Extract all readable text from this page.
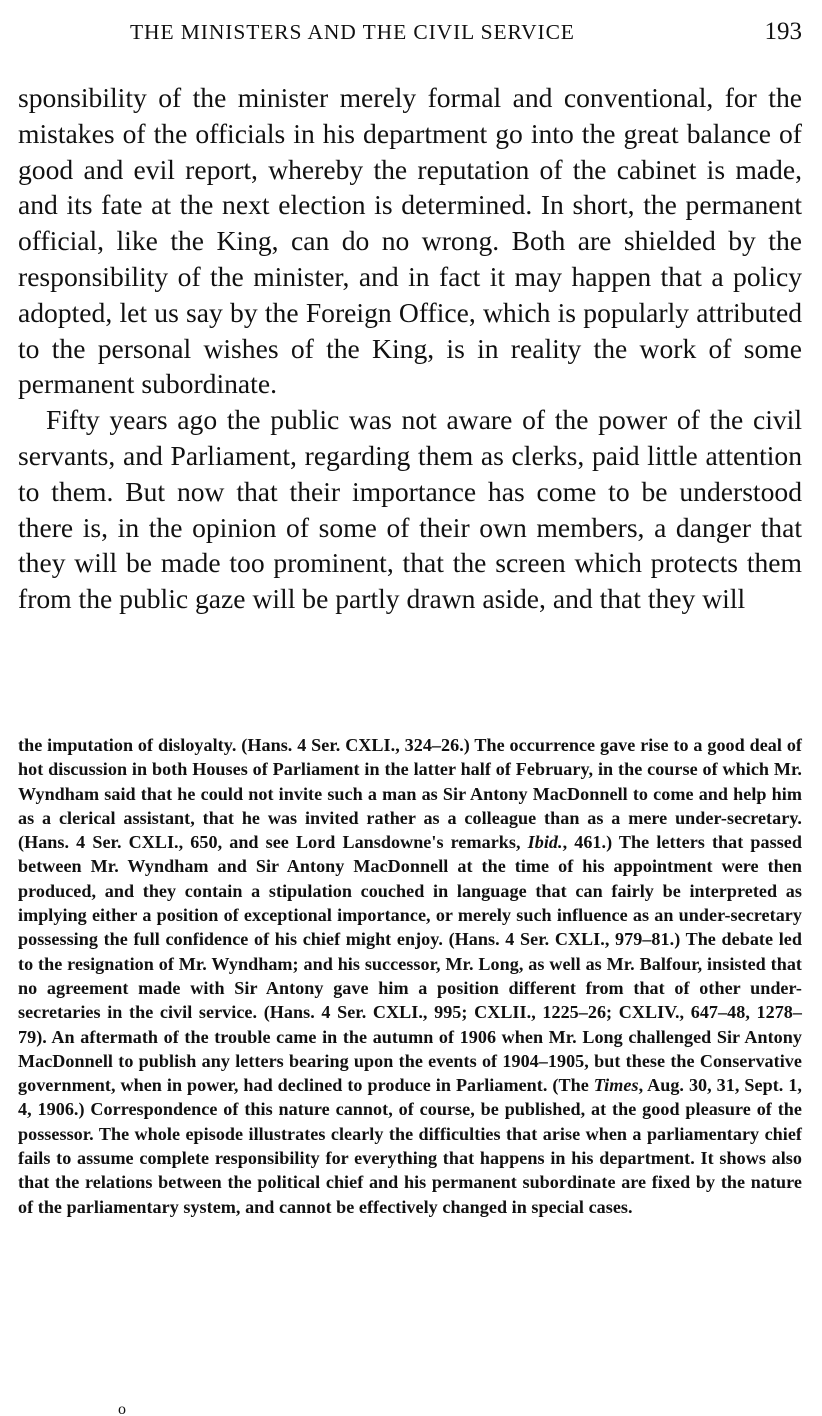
THE MINISTERS AND THE CIVIL SERVICE	193

sponsibility of the minister merely formal and conventional, for the mistakes of the officials in his department go into the great balance of good and evil report, whereby the reputation of the cabinet is made, and its fate at the next election is determined. In short, the permanent official, like the King, can do no wrong. Both are shielded by the responsibility of the minister, and in fact it may happen that a policy adopted, let us say by the Foreign Office, which is popularly attributed to the personal wishes of the King, is in reality the work of some permanent subordinate.

Fifty years ago the public was not aware of the power of the civil servants, and Parliament, regarding them as clerks, paid little attention to them. But now that their importance has come to be understood there is, in the opinion of some of their own members, a danger that they will be made too prominent, that the screen which protects them from the public gaze will be partly drawn aside, and that they will

the imputation of disloyalty. (Hans. 4 Ser. CXLI., 324–26.) The occurrence gave rise to a good deal of hot discussion in both Houses of Parliament in the latter half of February, in the course of which Mr. Wyndham said that he could not invite such a man as Sir Antony MacDonnell to come and help him as a clerical assistant, that he was invited rather as a colleague than as a mere under-secretary. (Hans. 4 Ser. CXLI., 650, and see Lord Lansdowne's remarks, Ibid., 461.) The letters that passed between Mr. Wyndham and Sir Antony MacDonnell at the time of his appointment were then produced, and they contain a stipulation couched in language that can fairly be interpreted as implying either a position of exceptional importance, or merely such influence as an under-secretary possessing the full confidence of his chief might enjoy. (Hans. 4 Ser. CXLI., 979–81.) The debate led to the resignation of Mr. Wyndham; and his successor, Mr. Long, as well as Mr. Balfour, insisted that no agreement made with Sir Antony gave him a position different from that of other under-secretaries in the civil service. (Hans. 4 Ser. CXLI., 995; CXLII., 1225–26; CXLIV., 647–48, 1278–79). An aftermath of the trouble came in the autumn of 1906 when Mr. Long challenged Sir Antony MacDonnell to publish any letters bearing upon the events of 1904–1905, but these the Conservative government, when in power, had declined to produce in Parliament. (The Times, Aug. 30, 31, Sept. 1, 4, 1906.) Correspondence of this nature cannot, of course, be published, at the good pleasure of the possessor. The whole episode illustrates clearly the difficulties that arise when a parliamentary chief fails to assume complete responsibility for everything that happens in his department. It shows also that the relations between the political chief and his permanent subordinate are fixed by the nature of the parliamentary system, and cannot be effectively changed in special cases.

o
